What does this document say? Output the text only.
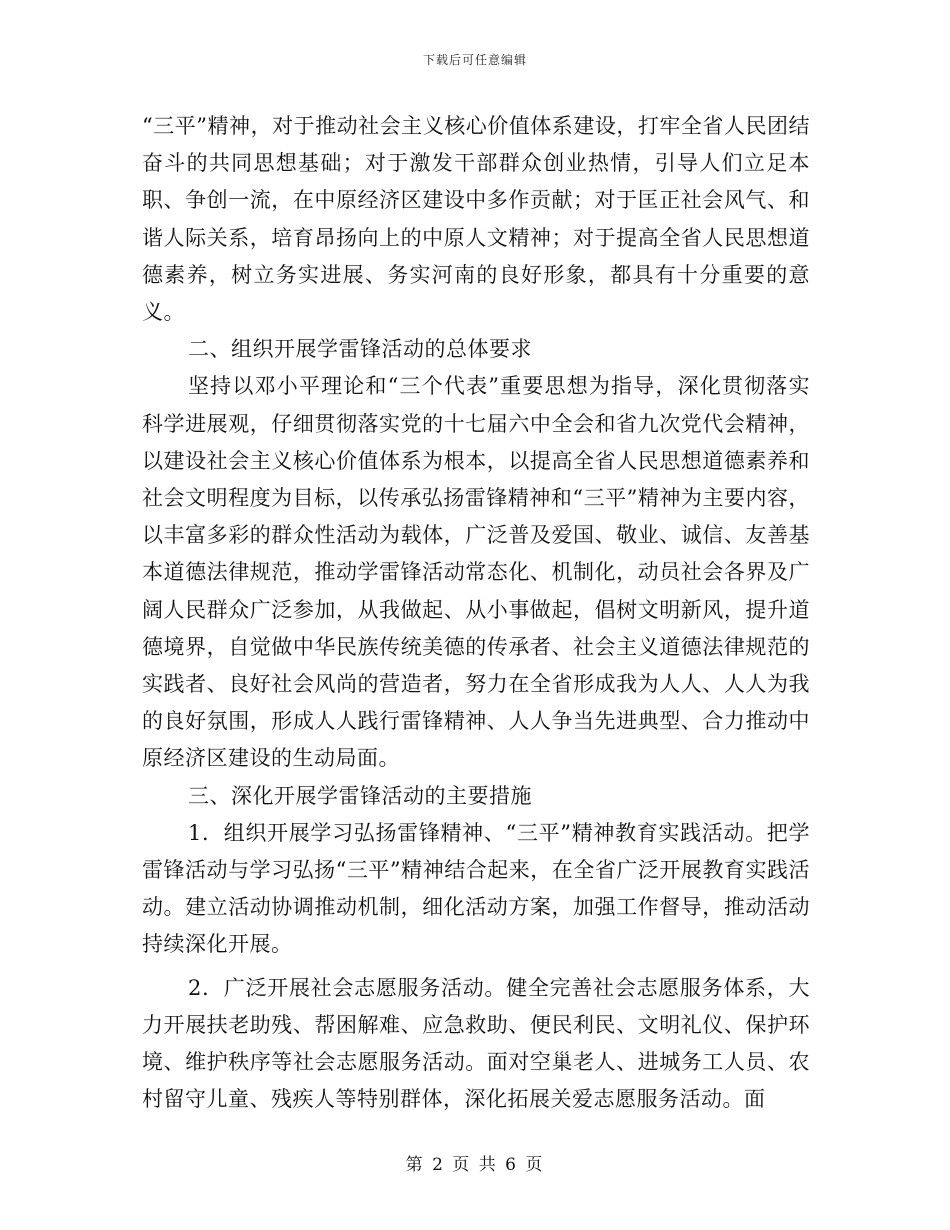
下载后可任意编辑

“三平”精神，对于推动社会主义核心价值体系建设，打牢全省人民团结奋斗的共同思想基础；对于激发干部群众创业热情，引导人们立足本职、争创一流，在中原经济区建设中多作贡献；对于匡正社会风气、和谐人际关系，培育昂扬向上的中原人文精神；对于提高全省人民思想道德素养，树立务实进展、务实河南的良好形象，都具有十分重要的意义。

二、组织开展学雷锋活动的总体要求

坚持以邓小平理论和“三个代表”重要思想为指导，深化贯彻落实科学进展观，仔细贯彻落实党的十七届六中全会和省九次党代会精神，以建设社会主义核心价值体系为根本，以提高全省人民思想道德素养和社会文明程度为目标，以传承弘扬雷锋精神和“三平”精神为主要内容，以丰富多彩的群众性活动为载体，广泛普及爱国、敬业、诚信、友善基本道德法律规范，推动学雷锋活动常态化、机制化，动员社会各界及广阔人民群众广泛参加，从我做起、从小事做起，倡树文明新风，提升道德境界，自觉做中华民族传统美德的传承者、社会主义道德法律规范的实践者、良好社会风尚的营造者，努力在全省形成我为人人、人人为我的良好氛围，形成人人践行雷锋精神、人人争当先进典型、合力推动中原经济区建设的生动局面。

三、深化开展学雷锋活动的主要措施

1．组织开展学习弘扬雷锋精神、“三平”精神教育实践活动。把学雷锋活动与学习弘扬“三平”精神结合起来，在全省广泛开展教育实践活动。建立活动协调推动机制，细化活动方案，加强工作督导，推动活动持续深化开展。

2．广泛开展社会志愿服务活动。健全完善社会志愿服务体系，大力开展扶老助残、帮困解难、应急救助、便民利民、文明礼仪、保护环境、维护秩序等社会志愿服务活动。面对空巢老人、进城务工人员、农村留守儿童、残疾人等特别群体，深化拓展关爱志愿服务活动。面

第 2 页 共 6 页
